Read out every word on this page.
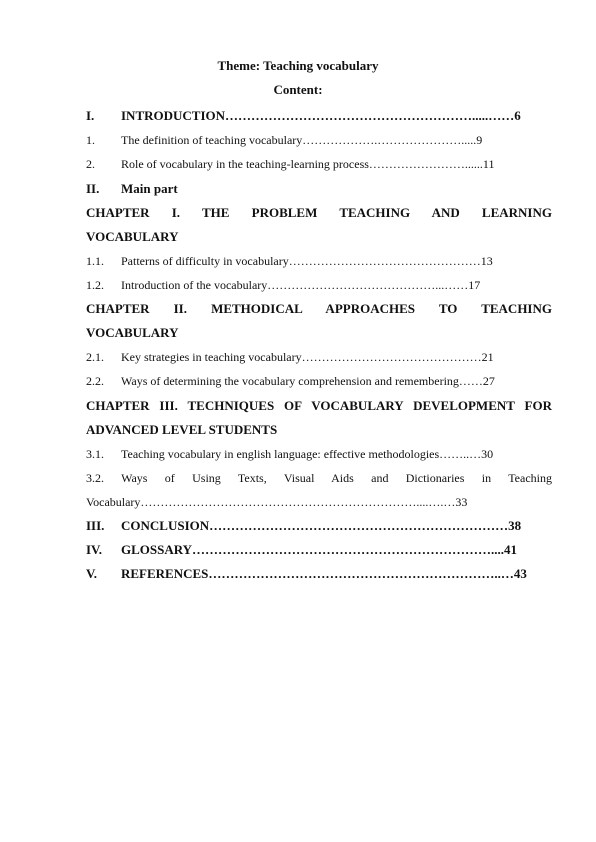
Theme: Teaching vocabulary
Content:
I. INTRODUCTION………………………………………………….....……6
1. The definition of teaching vocabulary……………….………………….....9
2. Role of vocabulary in the teaching-learning process……………………......11
II. Main part
CHAPTER I. THE PROBLEM TEACHING AND LEARNING
VOCABULARY
1.1. Patterns of difficulty in vocabulary…………………………………………13
1.2. Introduction of the vocabulary……………………………………...……17
CHAPTER II. METHODICAL APPROACHES TO TEACHING
VOCABULARY
2.1. Key strategies in teaching vocabulary………………………………………21
2.2. Ways of determining the vocabulary comprehension and remembering……27
CHAPTER III. TECHNIQUES OF VOCABULARY DEVELOPMENT FOR
ADVANCED LEVEL STUDENTS
3.1. Teaching vocabulary in english language: effective methodologies……..…30
3.2. Ways of Using Texts, Visual Aids and Dictionaries in Teaching
Vocabulary……………………………………………………………....….…33
III. CONCLUSION……………………………………………………………38
IV. GLOSSARY……………………………………………………………....41
V. REFERENCES…………………………………………………………..…43
